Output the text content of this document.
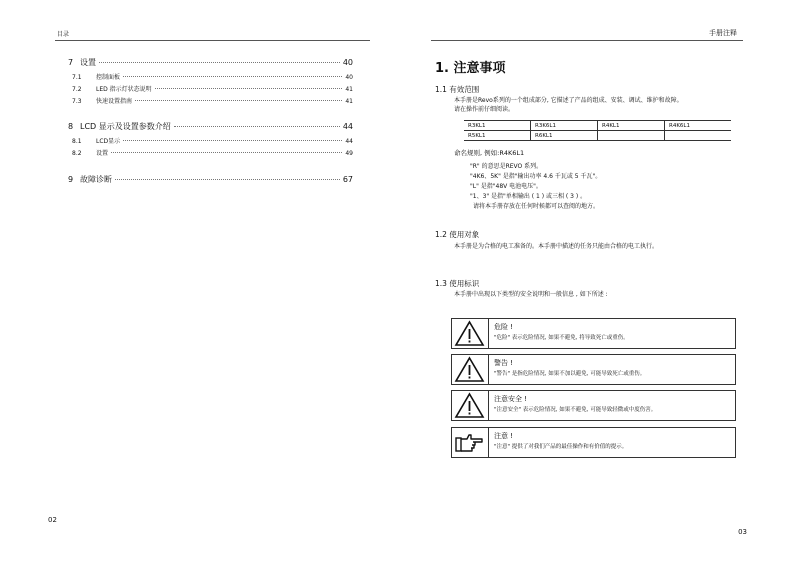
目录
7 设置	40
7.1	控制面板	40
7.2	LED 指示灯状态说明	41
7.3	快速设置指南	41
8 LCD 显示及设置参数介绍	44
8.1	LCD显示	44
8.2	设置	49
9 故障诊断	67
02
手册注释
1. 注意事项
1.1 有效范围
本手册是Revo系列的一个组成部分, 它描述了产品的组成、安装、调试、维护和故障。
请在操作前仔细阅读。
R3KL1	R3K6L1	R4KL1	R4K6L1
R5KL1	R6KL1		
命名规则, 例如:R4K6L1
"R" 的意思是REVO 系列。
"4K6、5K" 是指"输出功率 4.6 千瓦或 5 千瓦"。
"L" 是指"48V 电池电压"。
"1、3" 是指"单相输出 ( 1 ) 或三相 ( 3 ) 。
请将本手册存放在任何时候都可以查阅的地方。
1.2 使用对象
本手册是为合格的电工准备的。本手册中描述的任务只能由合格的电工执行。
1.3 使用标识
本手册中出现以下类型的安全说明和一般信息 , 如下所述 :
危险 !
"危险" 表示危险情况, 如果不避免, 将导致死亡或重伤。
警告 !
"警告" 是指危险情况, 如果不加以避免, 可能导致死亡或重伤。
注意安全 !
"注意安全" 表示危险情况, 如果不避免, 可能导致轻微或中度伤害。
注意 !
"注意" 提供了对我们产品的最佳操作和有价值的提示。
03
